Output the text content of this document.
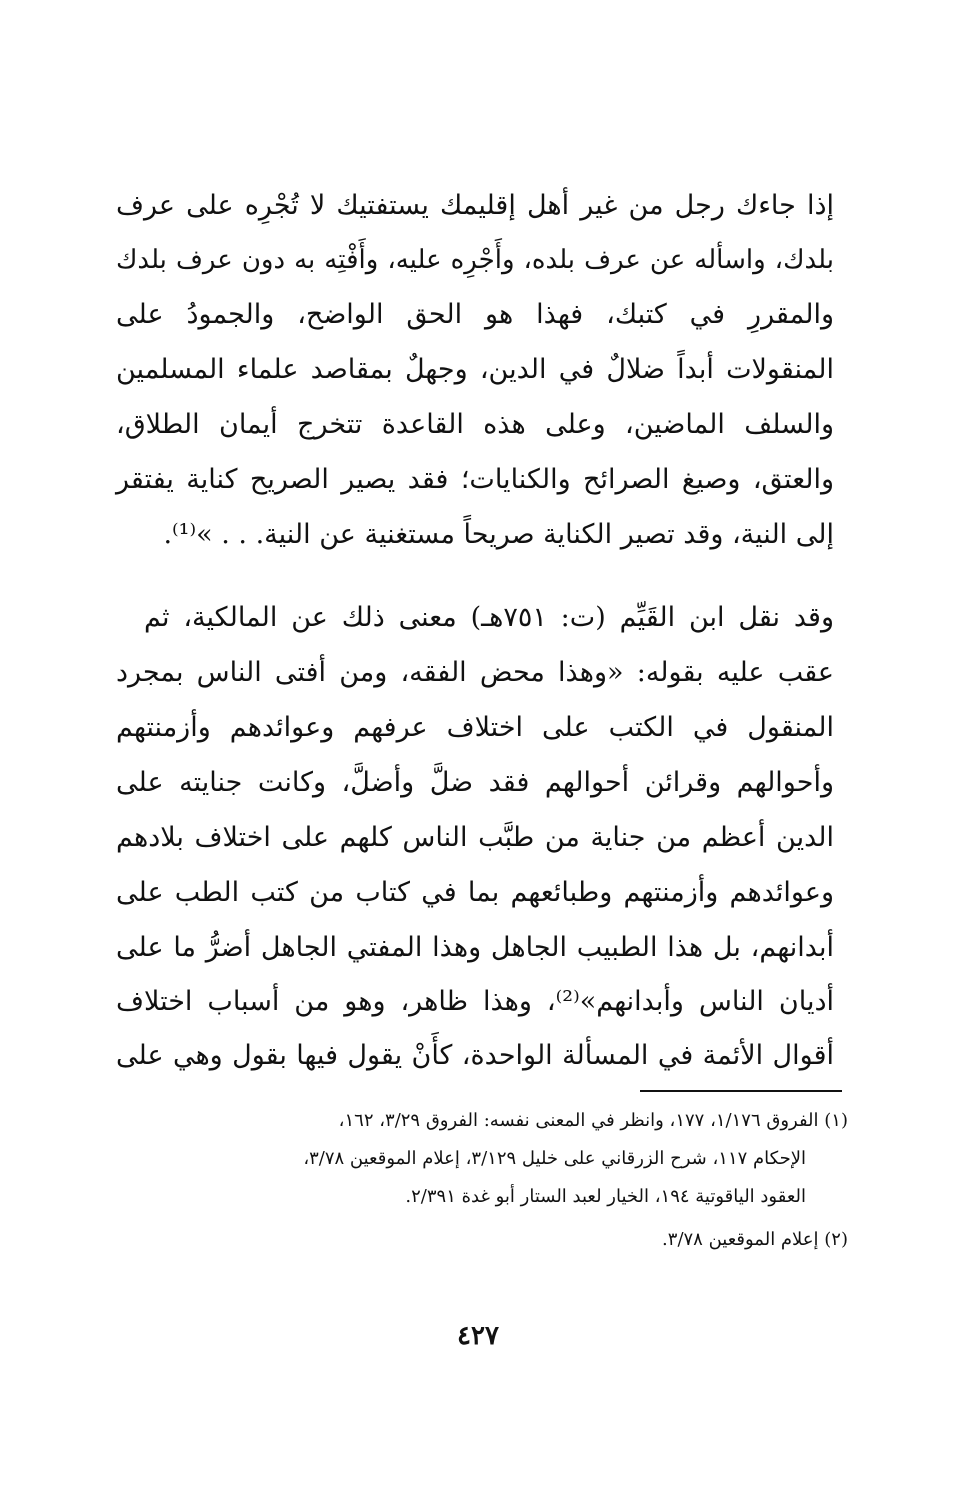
إذا جاءك رجل من غير أهل إقليمك يستفتيك لا تُجْرِه على عرف
بلدك، واسأله عن عرف بلده، وأَجْرِه عليه، وأَفْتِه به دون عرف بلدك
والمقررِ في كتبك، فهذا هو الحق الواضح، والجمودُ على
المنقولات أبداً ضلالٌ في الدين، وجهلٌ بمقاصد علماء المسلمين
والسلف الماضين، وعلى هذه القاعدة تتخرج أيمان الطلاق،
والعتق، وصيغ الصرائح والكنايات؛ فقد يصير الصريح كناية يفتقر
إلى النية، وقد تصير الكناية صريحاً مستغنية عن النية. . . »⁽¹⁾.
وقد نقل ابن القَيِّم (ت: ٧٥١هـ) معنى ذلك عن المالكية، ثم
عقب عليه بقوله: «وهذا محض الفقه، ومن أفتى الناس بمجرد
المنقول في الكتب على اختلاف عرفهم وعوائدهم وأزمنتهم
وأحوالهم وقرائن أحوالهم فقد ضلَّ وأضلَّ، وكانت جنايته على
الدين أعظم من جناية من طبَّب الناس كلهم على اختلاف بلادهم
وعوائدهم وأزمنتهم وطبائعهم بما في كتاب من كتب الطب على
أبدانهم، بل هذا الطبيب الجاهل وهذا المفتي الجاهل أضرُّ ما على
أديان الناس وأبدانهم»⁽²⁾، وهذا ظاهر، وهو من أسباب اختلاف
أقوال الأئمة في المسألة الواحدة، كأَنْ يقول فيها بقول وهي على
(١) الفروق ١/١٧٦، ١٧٧، وانظر في المعنى نفسه: الفروق ٣/٢٩، ١٦٢،
الإحكام ١١٧، شرح الزرقاني على خليل ٣/١٢٩، إعلام الموقعين ٣/٧٨،
العقود الياقوتية ١٩٤، الخيار لعبد الستار أبو غدة ٢/٣٩١.
(٢) إعلام الموقعين ٣/٧٨.
٤٢٧
